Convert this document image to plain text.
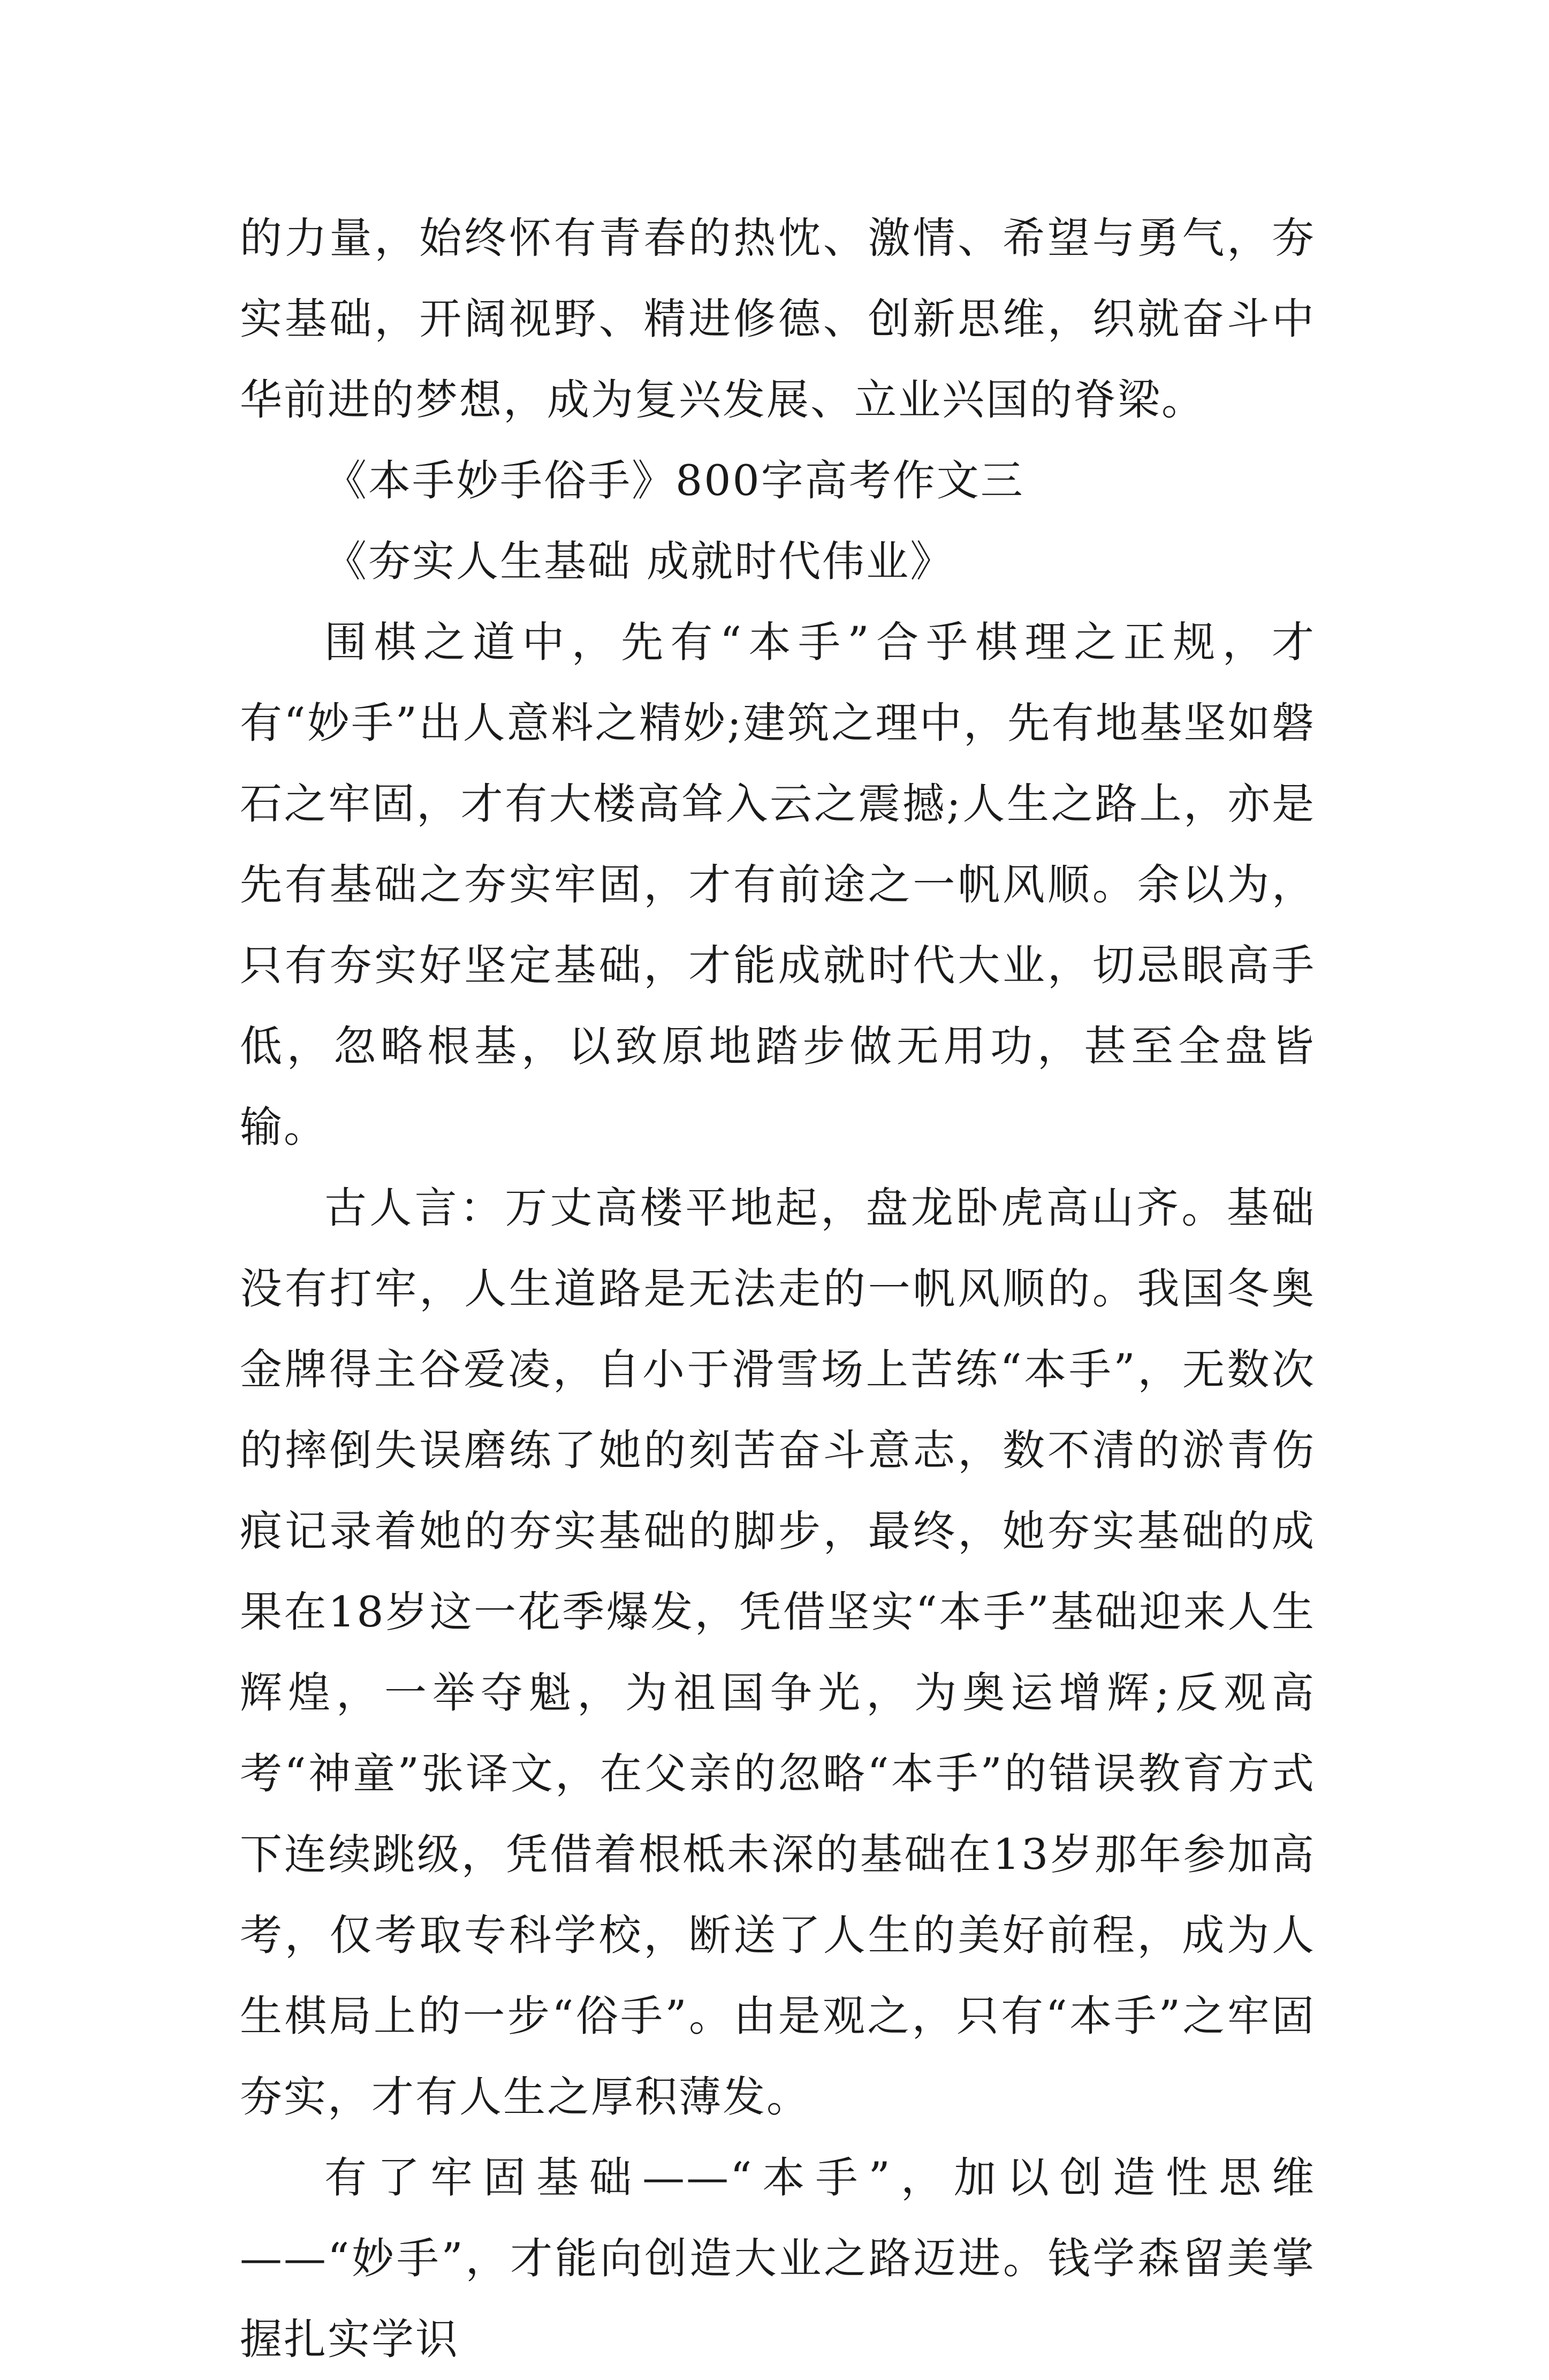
的力量，始终怀有青春的热忱、激情、希望与勇气，夯实基础，开阔视野、精进修德、创新思维，织就奋斗中华前进的梦想，成为复兴发展、立业兴国的脊梁。

《本手妙手俗手》800字高考作文三

《夯实人生基础 成就时代伟业》

围棋之道中，先有“本手”合乎棋理之正规，才有“妙手”出人意料之精妙;建筑之理中，先有地基坚如磐石之牢固，才有大楼高耸入云之震撼;人生之路上，亦是先有基础之夯实牢固，才有前途之一帆风顺。余以为，只有夯实好坚定基础，才能成就时代大业，切忌眼高手低，忽略根基，以致原地踏步做无用功，甚至全盘皆输。

古人言：万丈高楼平地起，盘龙卧虎高山齐。基础没有打牢，人生道路是无法走的一帆风顺的。我国冬奥金牌得主谷爱凌，自小于滑雪场上苦练“本手”，无数次的摔倒失误磨练了她的刻苦奋斗意志，数不清的淤青伤痕记录着她的夯实基础的脚步，最终，她夯实基础的成果在18岁这一花季爆发，凭借坚实“本手”基础迎来人生辉煌，一举夺魁，为祖国争光，为奥运增辉;反观高考“神童”张译文，在父亲的忽略“本手”的错误教育方式下连续跳级，凭借着根柢未深的基础在13岁那年参加高考，仅考取专科学校，断送了人生的美好前程，成为人生棋局上的一步“俗手”。由是观之，只有“本手”之牢固夯实，才有人生之厚积薄发。

有了牢固基础——“本手”，加以创造性思维——“妙手”，才能向创造大业之路迈进。钱学森留美掌握扎实学识
